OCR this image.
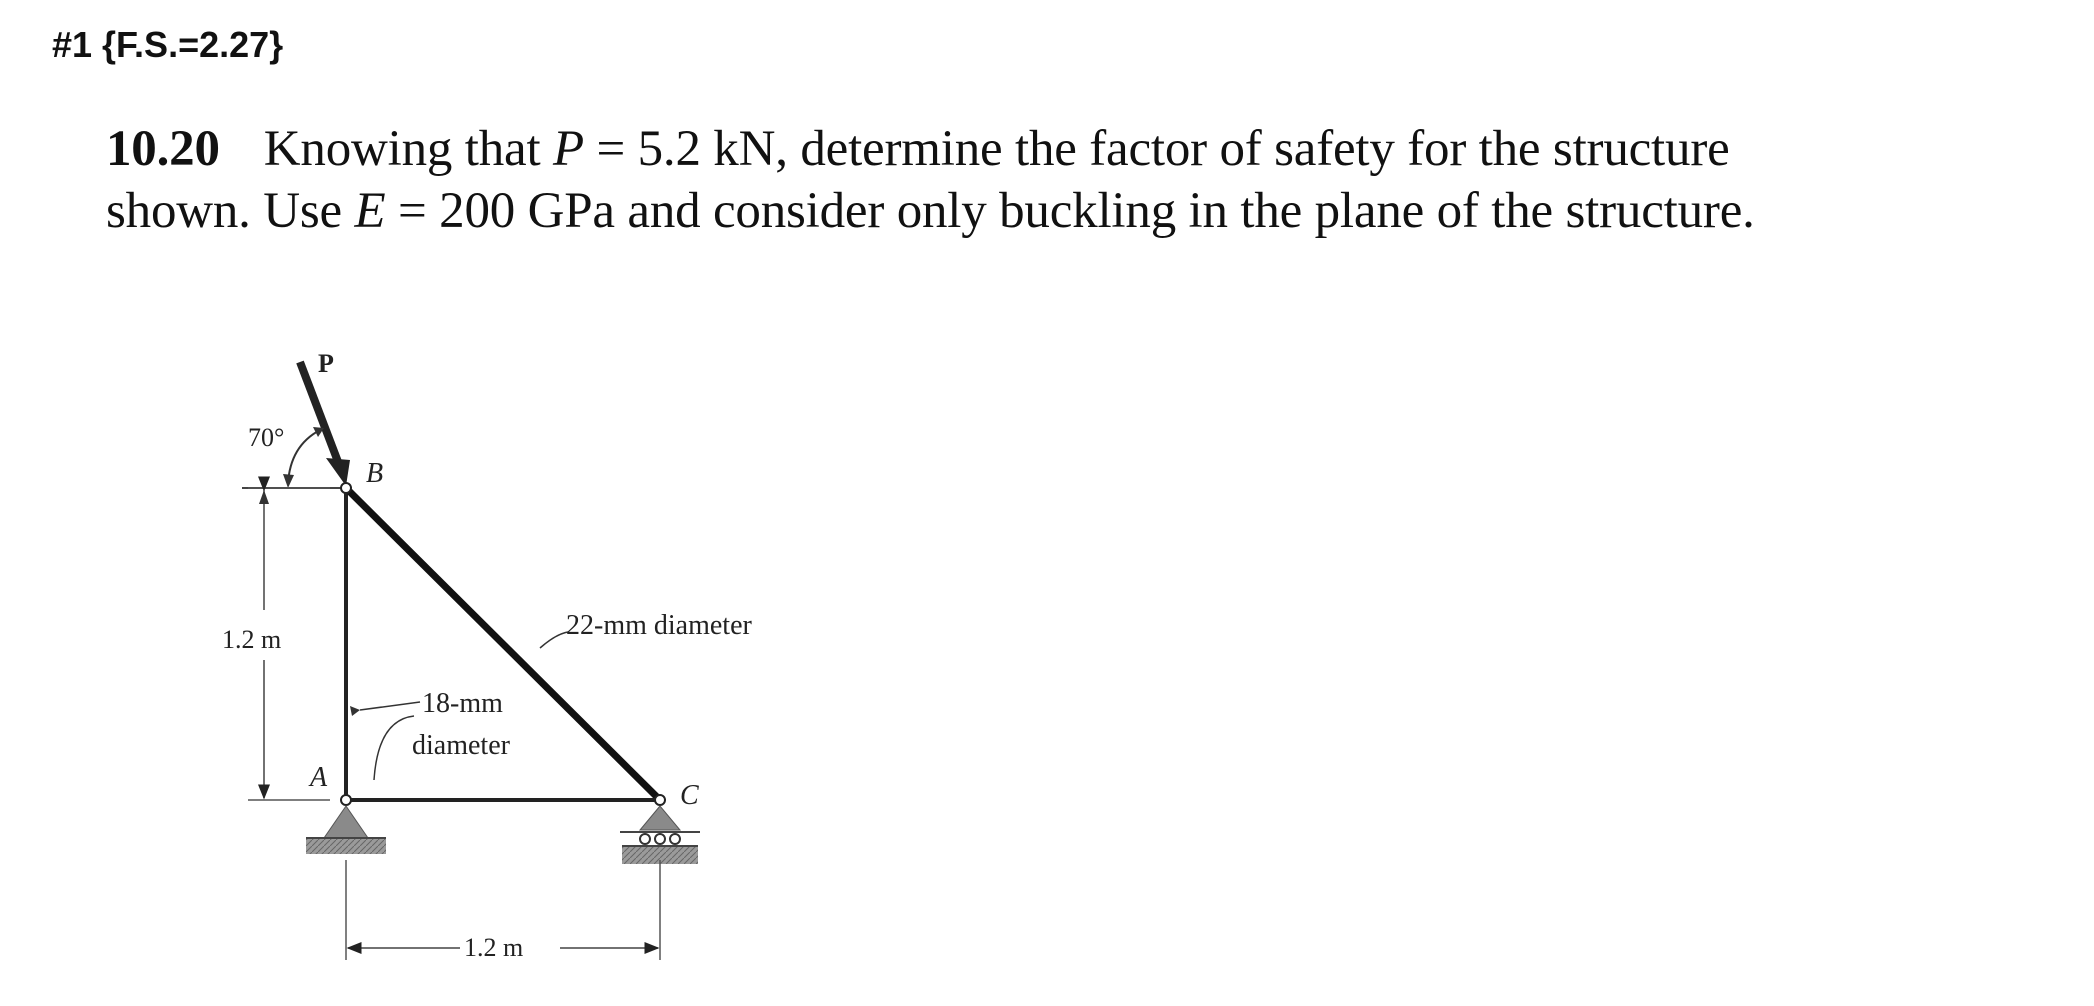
#1 {F.S.=2.27}
10.20 Knowing that P = 5.2 kN, determine the factor of safety for the structure
shown. Use E = 200 GPa and consider only buckling in the plane of the structure.
P
70°
B
A
C
1.2 m
1.2 m
22-mm diameter
18-mm
diameter
